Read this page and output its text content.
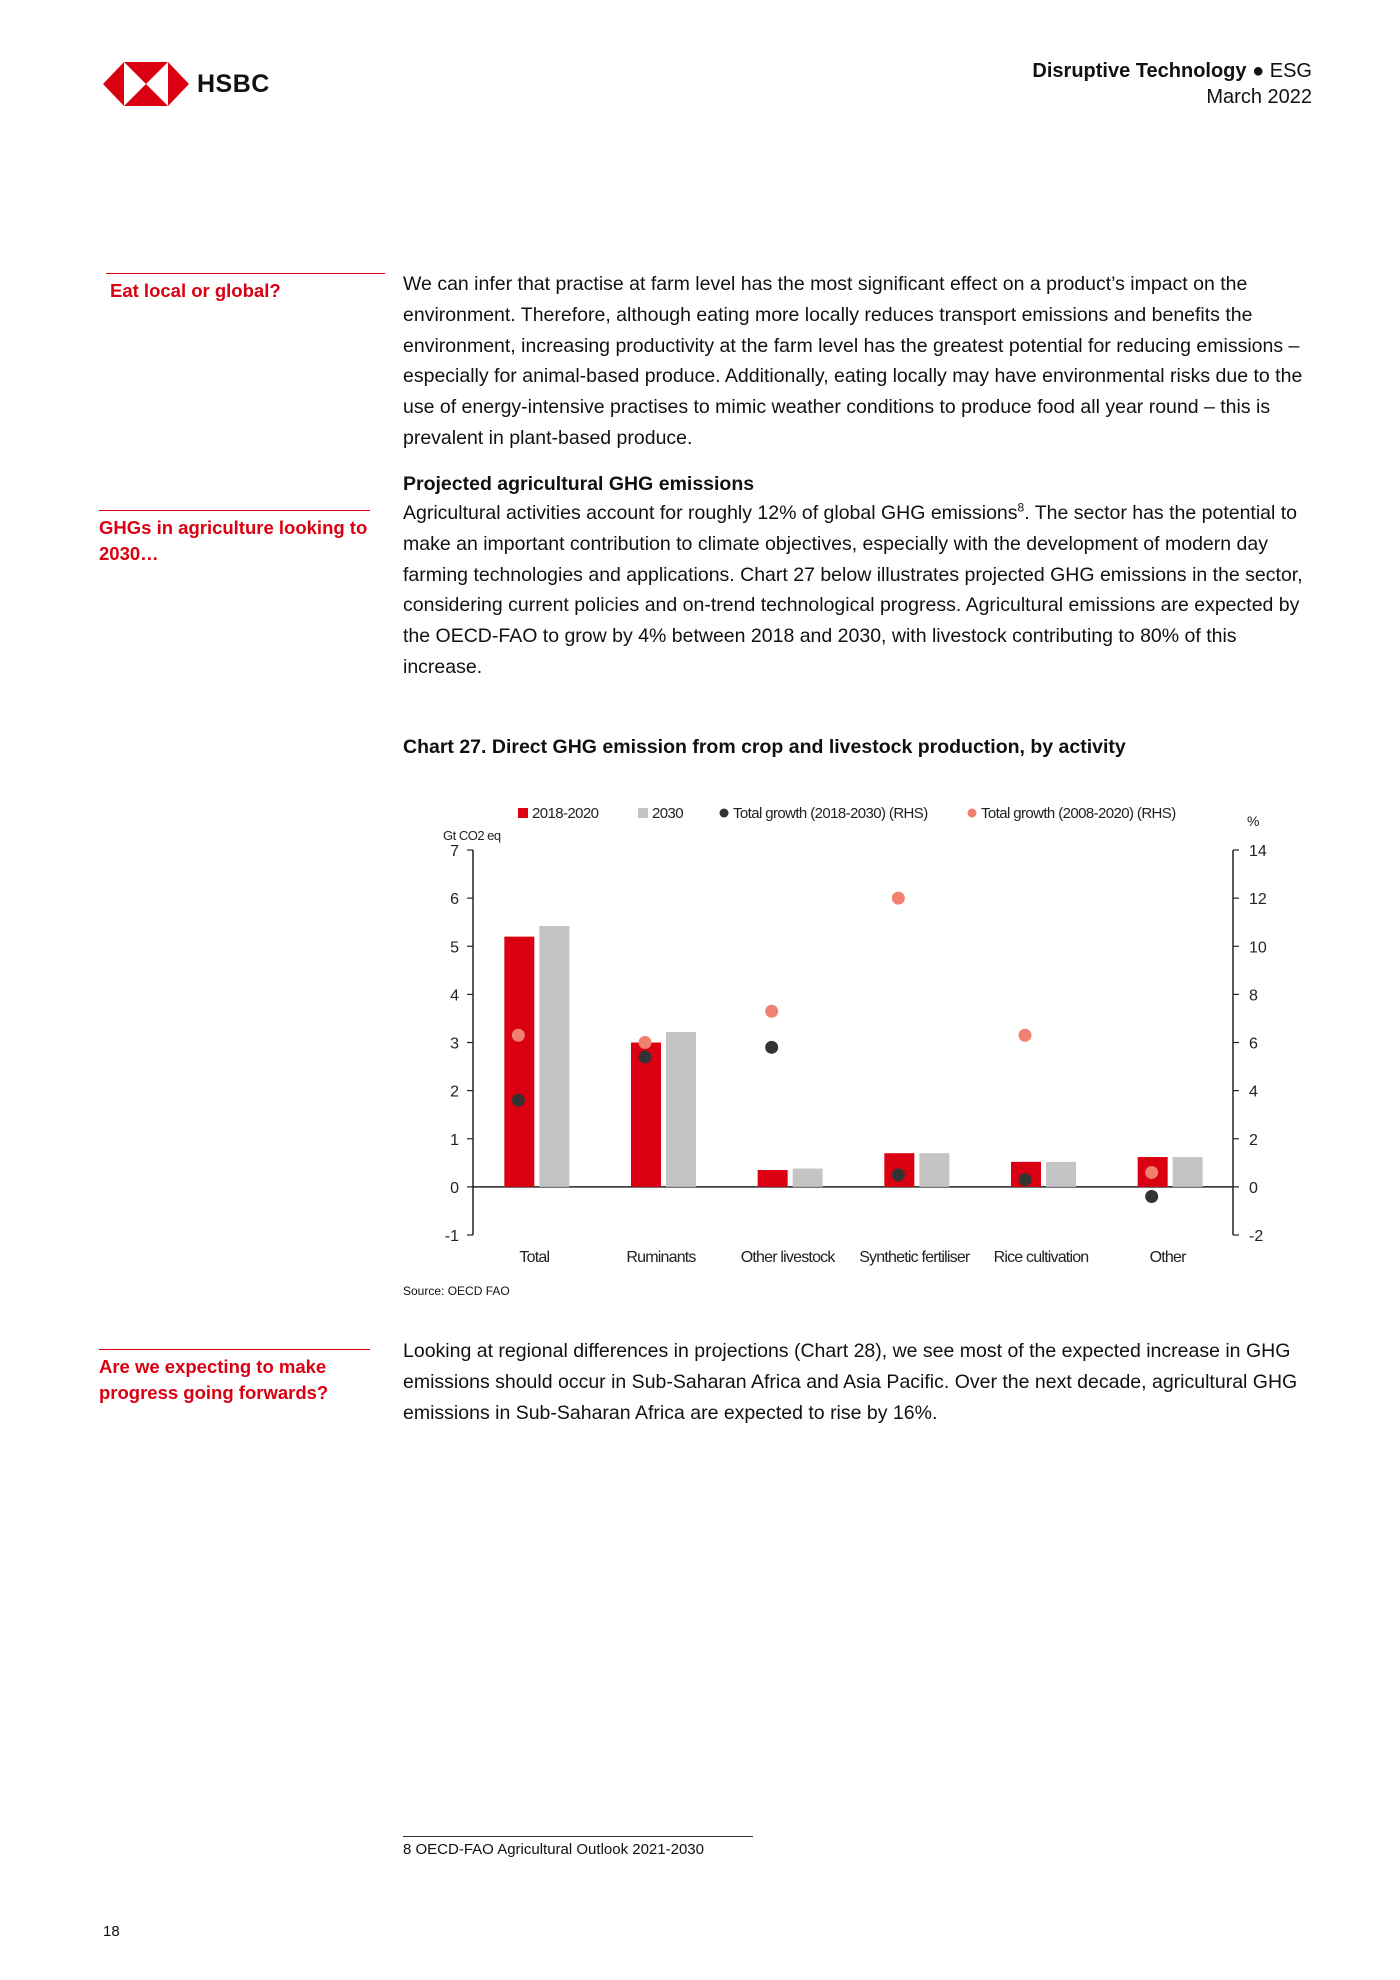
HSBC	Disruptive Technology ● ESG
March 2022
Eat local or global?
GHGs in agriculture looking to 2030…
Are we expecting to make progress going forwards?

We can infer that practise at farm level has the most significant effect on a product’s impact on the environment. Therefore, although eating more locally reduces transport emissions and benefits the environment, increasing productivity at the farm level has the greatest potential for reducing emissions – especially for animal-based produce. Additionally, eating locally may have environmental risks due to the use of energy-intensive practises to mimic weather conditions to produce food all year round – this is prevalent in plant-based produce.

Projected agricultural GHG emissions

Agricultural activities account for roughly 12% of global GHG emissions$^8$. The sector has the potential to make an important contribution to climate objectives, especially with the development of modern day farming technologies and applications. Chart 27 below illustrates projected GHG emissions in the sector, considering current policies and on-trend technological progress. Agricultural emissions are expected by the OECD-FAO to grow by 4% between 2018 and 2030, with livestock contributing to 80% of this increase.

Chart 27. Direct GHG emission from crop and livestock production, by activity

2018-2020	2030	Total growth (2018-2030) (RHS)	Total growth (2008-2020) (RHS)
Gt CO2 eq
%
-1
0
1
2
3
4
5
6
7
-2
0
2
4
6
8
10
12
14
Total	Ruminants	Other livestock Synthetic fertiliser Rice cultivation	Other
Source: OECD FAO

Looking at regional differences in projections (Chart 28), we see most of the expected increase in GHG emissions should occur in Sub-Saharan Africa and Asia Pacific. Over the next decade, agricultural GHG emissions in Sub-Saharan Africa are expected to rise by 16%.

8 OECD-FAO Agricultural Outlook 2021-2030
18
